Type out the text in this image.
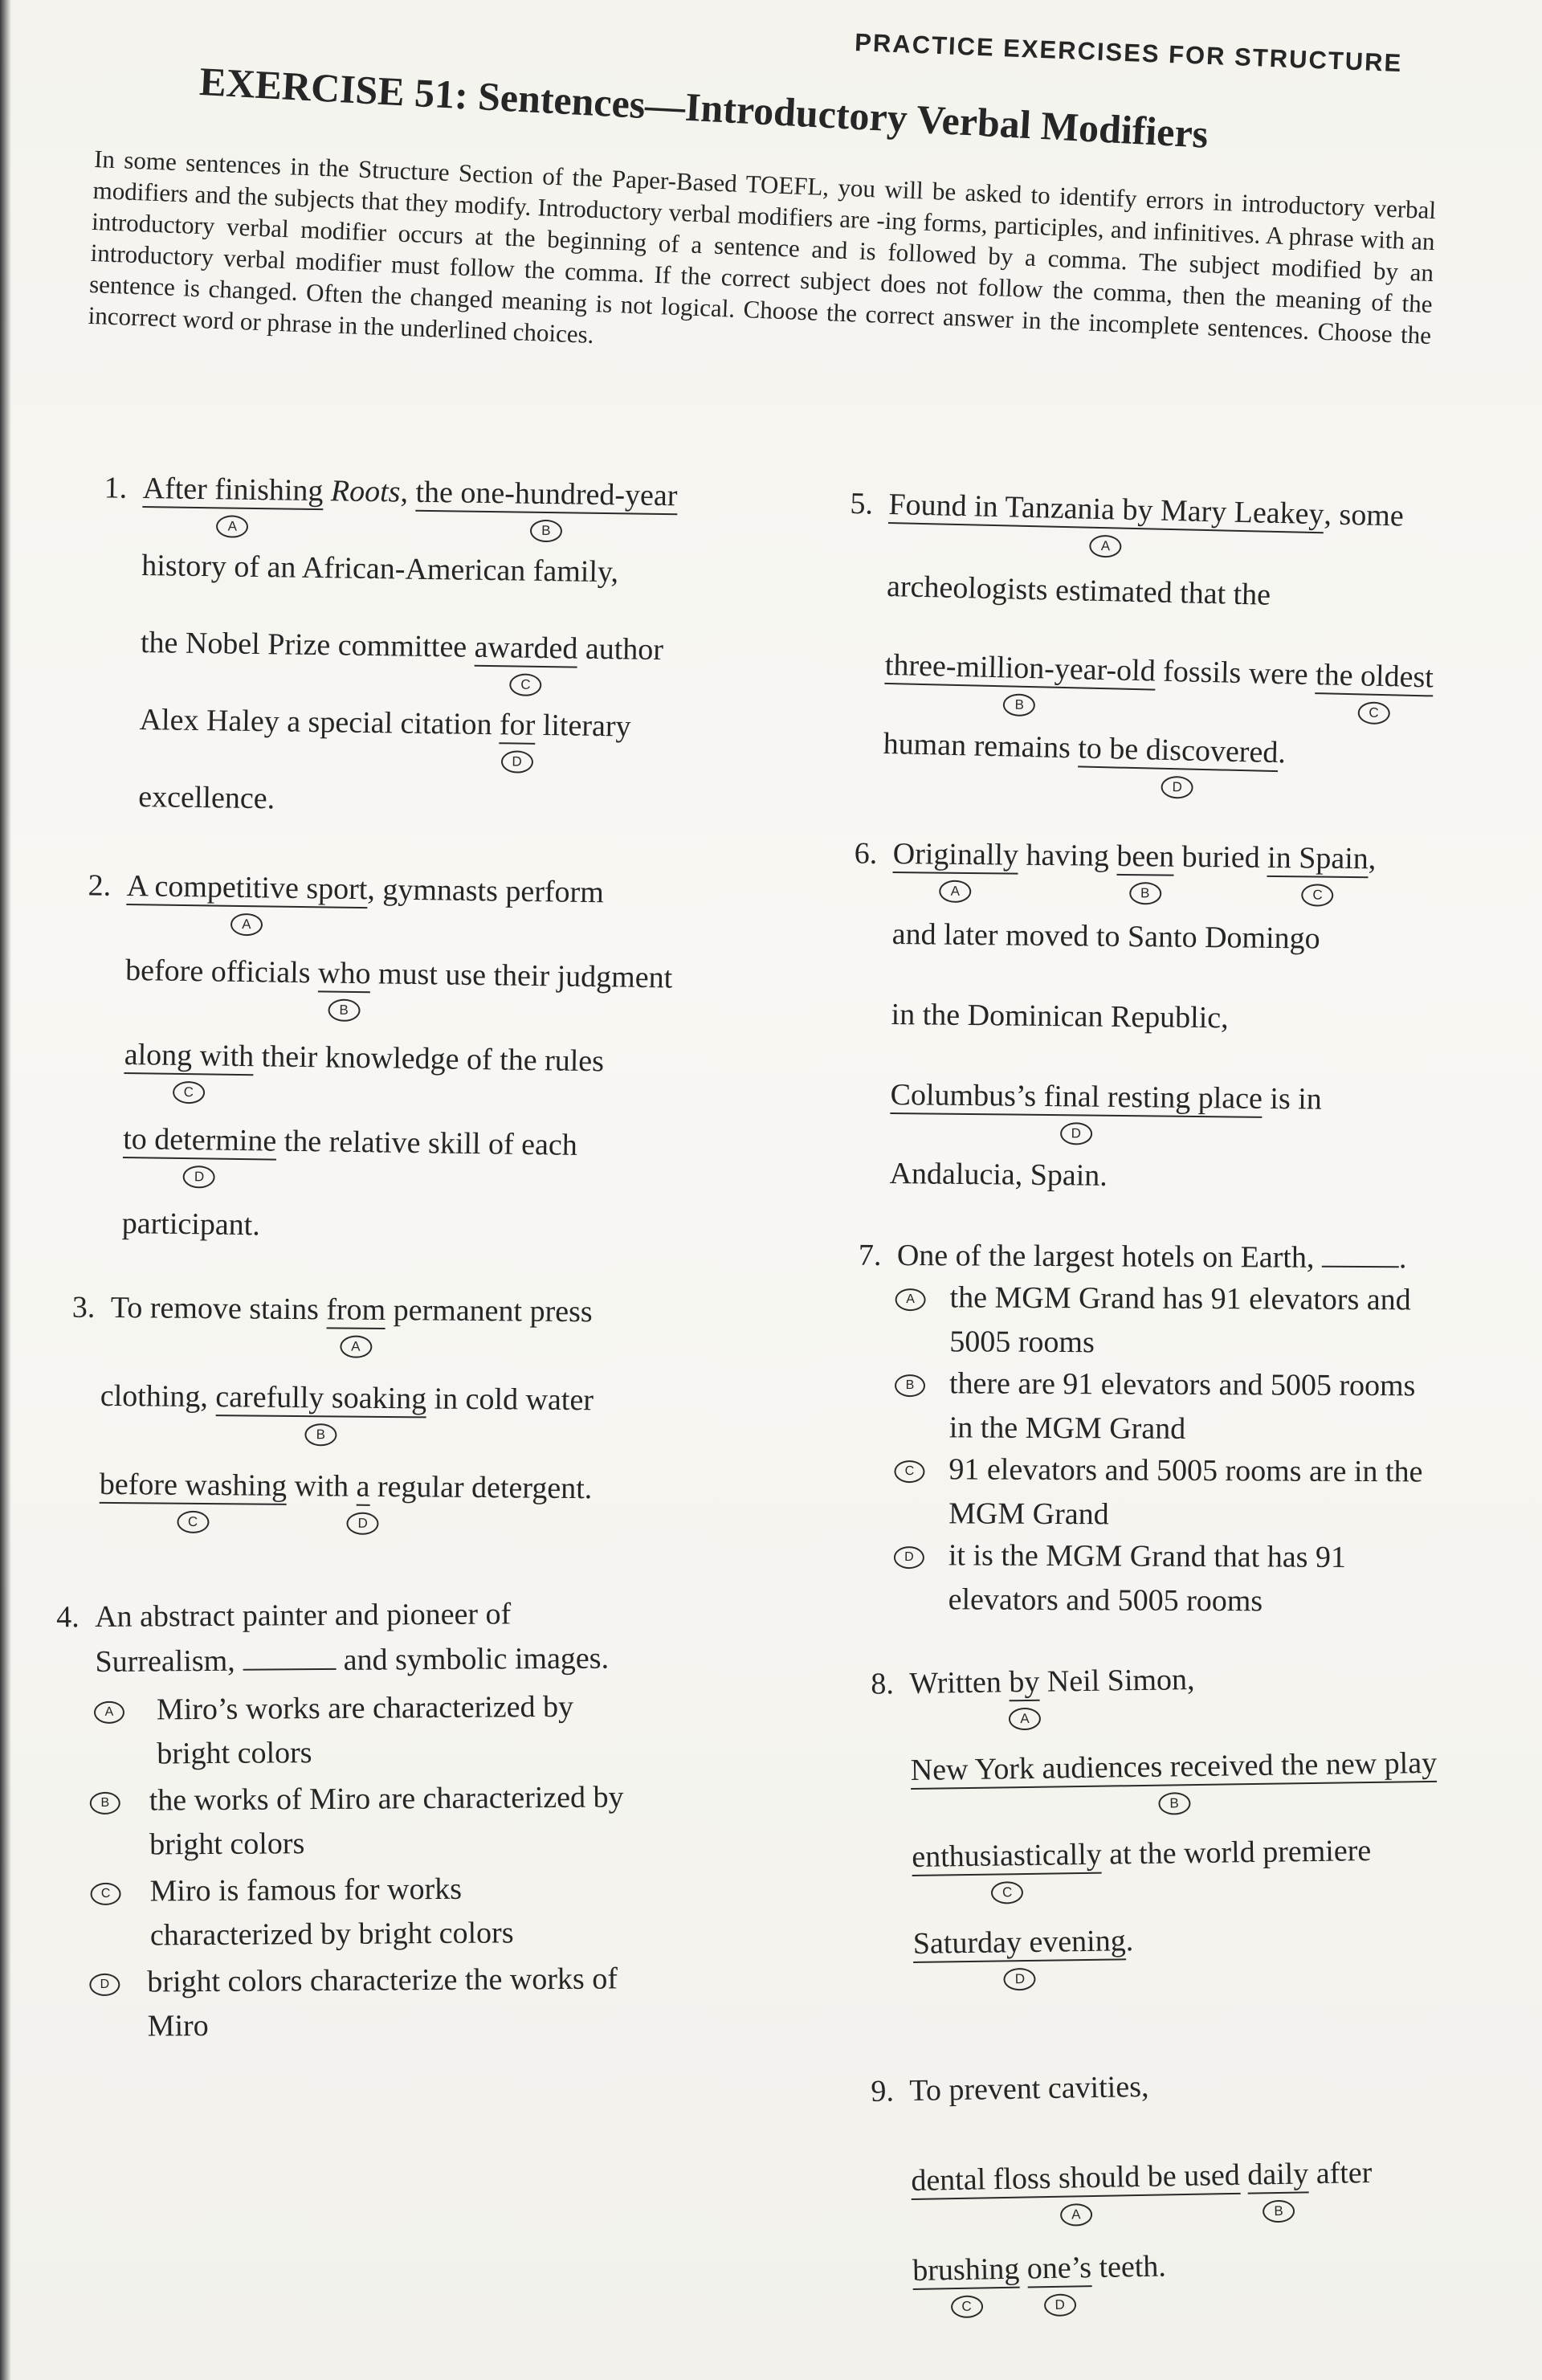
PRACTICE EXERCISES FOR STRUCTURE
EXERCISE 51: Sentences—Introductory Verbal Modifiers
In some sentences in the Structure Section of the Paper-Based TOEFL, you will be asked to identify errors in introductory verbal modifiers and the subjects that they modify. Introductory verbal modifiers are -ing forms, participles, and infinitives. A phrase with an introductory verbal modifier occurs at the beginning of a sentence and is followed by a comma. The subject modified by an introductory verbal modifier must follow the comma. If the correct subject does not follow the comma, then the meaning of the sentence is changed. Often the changed meaning is not logical. Choose the correct answer in the incomplete sentences. Choose the incorrect word or phrase in the underlined choices.
1. After finishing
A
Roots, the one-hundred-year
B
history of an African-American family,
the Nobel Prize committee awarded
C
author
Alex Haley a special citation for
D
literary
excellence.
2. A competitive sport
A
, gymnasts perform
before officials who
B
must use their judgment
along with
C
their knowledge of the rules
to determine
D
the relative skill of each
participant.
3. To remove stains from
A
permanent press
clothing, carefully soaking
B
in cold water
before washing
C
with a
D
regular detergent.
4. An abstract painter and pioneer of
Surrealism,	and symbolic images.
A	Miro’s works are characterized by
bright colors
B	the works of Miro are characterized by
bright colors
C	Miro is famous for works
characterized by bright colors
D	bright colors characterize the works of
Miro
5. Found in Tanzania by Mary Leakey
A
, some
archeologists estimated that the
three-million-year-old
B
fossils were the oldest
C
human remains to be discovered
D
.
6. Originally
A
having been
B
buried in Spain
C
,
and later moved to Santo Domingo
in the Dominican Republic,
Columbus’s final resting place
D
is in
Andalucia, Spain.
7. One of the largest hotels on Earth,	.
A	the MGM Grand has 91 elevators and
5005 rooms
B	there are 91 elevators and 5005 rooms
in the MGM Grand
C	91 elevators and 5005 rooms are in the
MGM Grand
D	it is the MGM Grand that has 91
elevators and 5005 rooms
8. Written by
A
Neil Simon,
New York audiences received the new play
B
enthusiastically
C
at the world premiere
Saturday evening
D
.
9. To prevent cavities,
dental floss should be used
A
daily
B
after
brushing
C
one’s
D
teeth.
